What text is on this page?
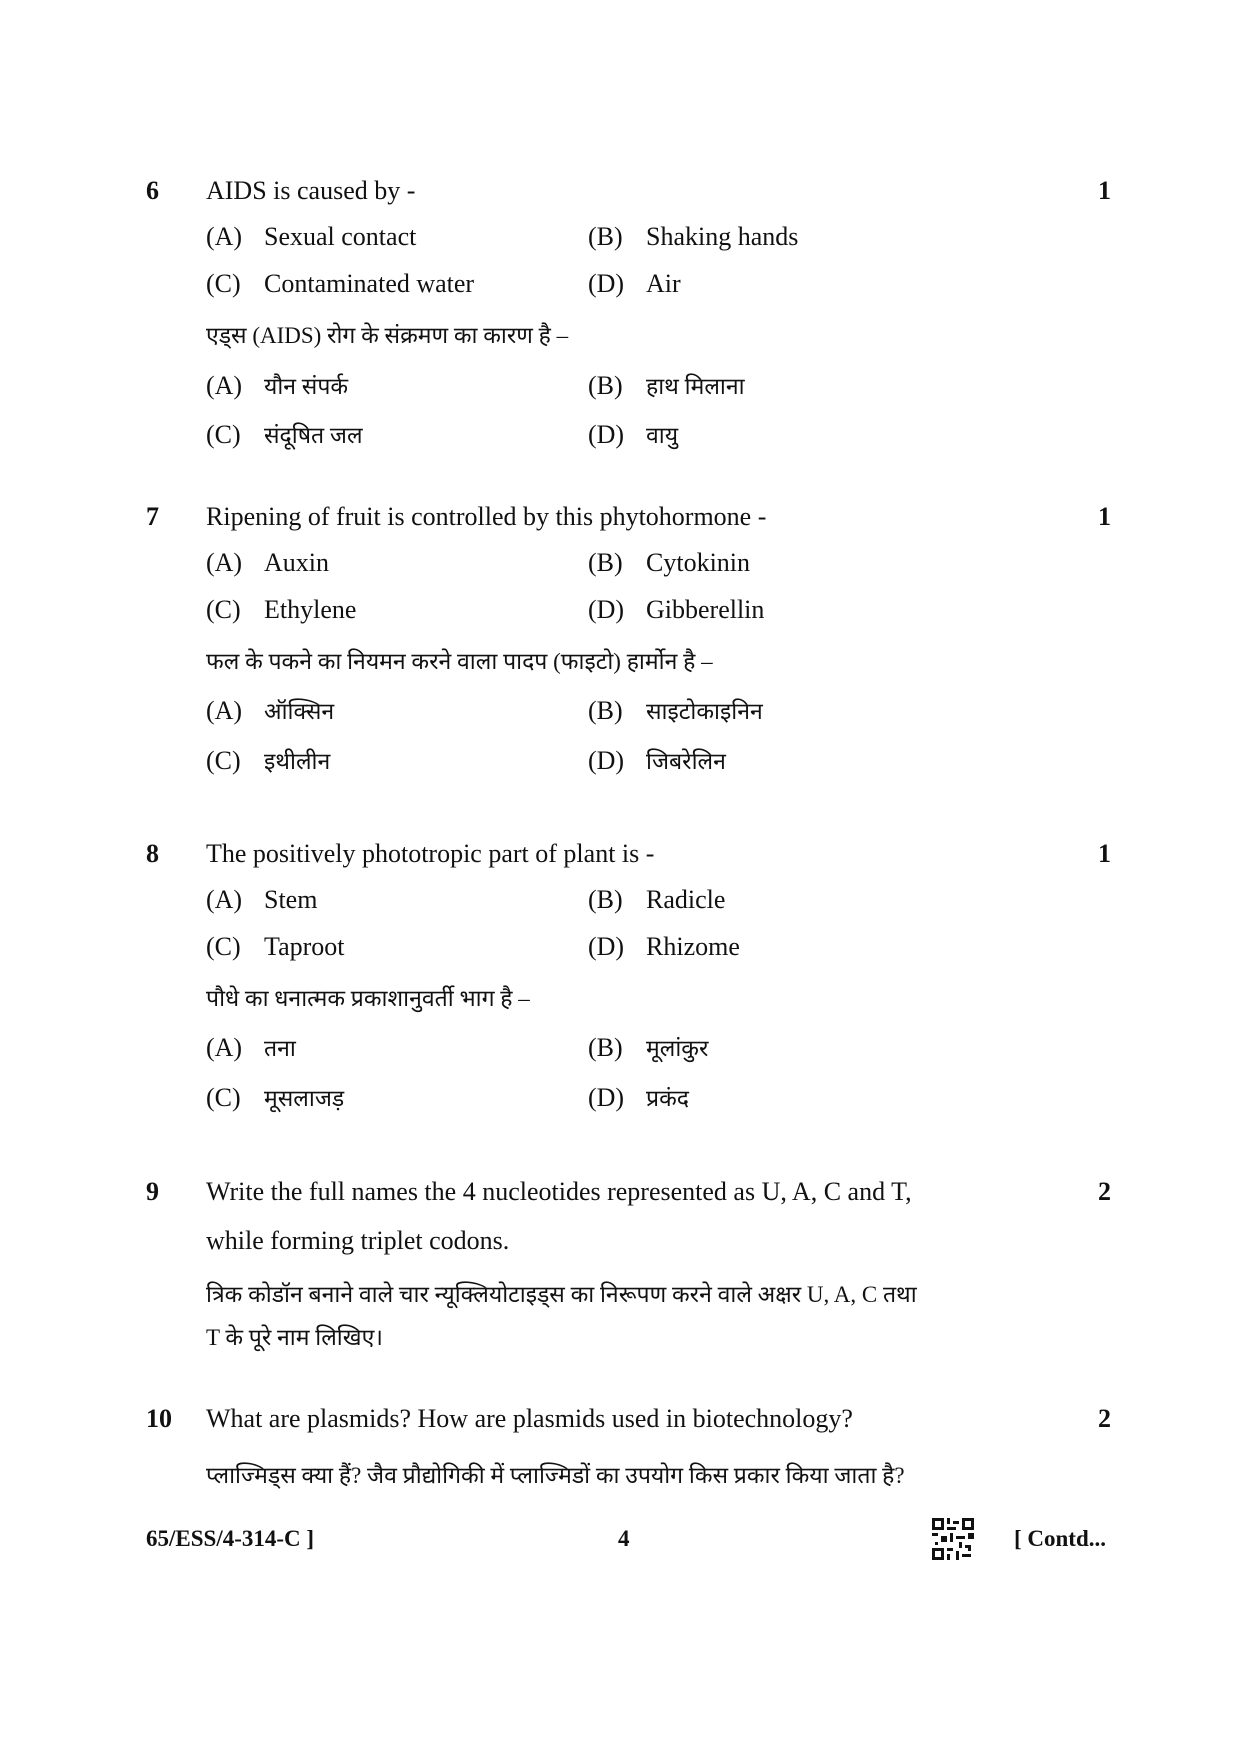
6 AIDS is caused by -	1
(A) Sexual contact	(B) Shaking hands
(C) Contaminated water	(D) Air
एड्स (AIDS) रोग के संक्रमण का कारण है –
(A) यौन संपर्क	(B) हाथ मिलाना
(C) संदूषित जल	(D) वायु
7 Ripening of fruit is controlled by this phytohormone -	1
(A) Auxin	(B) Cytokinin
(C) Ethylene	(D) Gibberellin
फल के पकने का नियमन करने वाला पादप (फाइटो) हार्मोन है –
(A) ऑक्सिन	(B) साइटोकाइनिन
(C) इथीलीन	(D) जिबरेलिन
8 The positively phototropic part of plant is -	1
(A) Stem	(B) Radicle
(C) Taproot	(D) Rhizome
पौधे का धनात्मक प्रकाशानुवर्ती भाग है –
(A) तना	(B) मूलांकुर
(C) मूसलाजड़	(D) प्रकंद
9 Write the full names the 4 nucleotides represented as U, A, C and T,	2
while forming triplet codons.
त्रिक कोडॉन बनाने वाले चार न्यूक्लियोटाइड्स का निरूपण करने वाले अक्षर U, A, C तथा
T के पूरे नाम लिखिए।
10 What are plasmids? How are plasmids used in biotechnology?	2
प्लाज्मिड्स क्या हैं? जैव प्रौद्योगिकी में प्लाज्मिडों का उपयोग किस प्रकार किया जाता है?
65/ESS/4-314-C ]	4	[ Contd...
